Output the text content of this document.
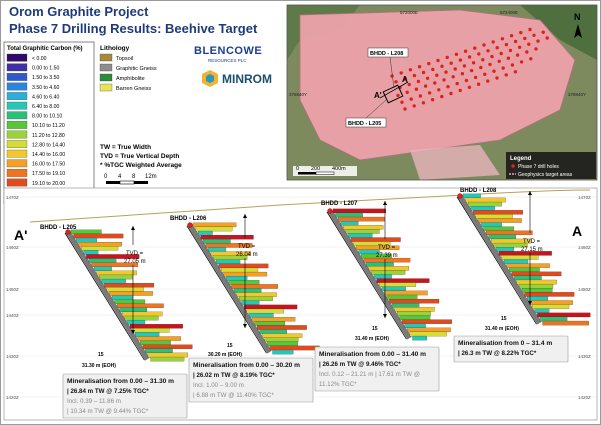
Orom Graphite Project
Phase 7 Drilling Results: Beehive Target
Total Graphitic Carbon (%)
< 0.00
0.00 to 1.50
1.50 to 3.50
3.50 to 4.60
4.60 to 6.40
6.40 to 8.00
8.00 to 10.10
10.10 to 11.20
11.20 to 12.80
12.80 to 14.40
14.40 to 16.00
16.00 to 17.50
17.50 to 19.10
19.10 to 20.00
Lithology
Topsoil
Graphitic Gneiss
Amphibolite
Barren Gneiss
BLENCOWE
RESOURCES PLC
MINROM
TW = True Width
TVD = True Vertical Depth
* %TGC Weighted Average
0 4 8 12m
BHDD - L208
BHDD - L205
A
A'
572000E	572400E
378840Y	378840Y
N
0 200 400m
Legend
Phase 7 drill holes
Geophysics target areas
1470Z	1470Z
1460Z	1460Z
1450Z	1450Z
1440Z
1430Z	1430Z
1420Z	1420Z
A'	A
BHDD - L205
TVD =
27.05 m
31.30 m (EOH)
15
BHDD - L206
TVD =
26.04 m
30.20 m (EOH)
15
BHDD - L207
TVD =
27.39 m
31.40 m (EOH)
15
BHDD - L208
TVD =
27.15 m
31.40 m (EOH)
15
Mineralisation from 0.00 – 31.30 m
| 26.84 m TW @ 7.25% TGC*
Incl. 0.39 – 11.86 m
| 10.34 m TW @ 9.44% TGC*
Mineralisation from 0.00 – 30.20 m
| 26.02 m TW @ 8.19% TGC*
Incl. 1.00 – 9.00 m
| 6.88 m TW @ 11.40% TGC*
Mineralisation from 0.00 – 31.40 m
| 26.26 m TW @ 9.46% TGC*
Incl. 0.12 – 21.21 m | 17.61 m TW @
11.12% TGC*
Mineralisation from 0 – 31.4 m
| 26.3 m TW @ 8.22% TGC*
